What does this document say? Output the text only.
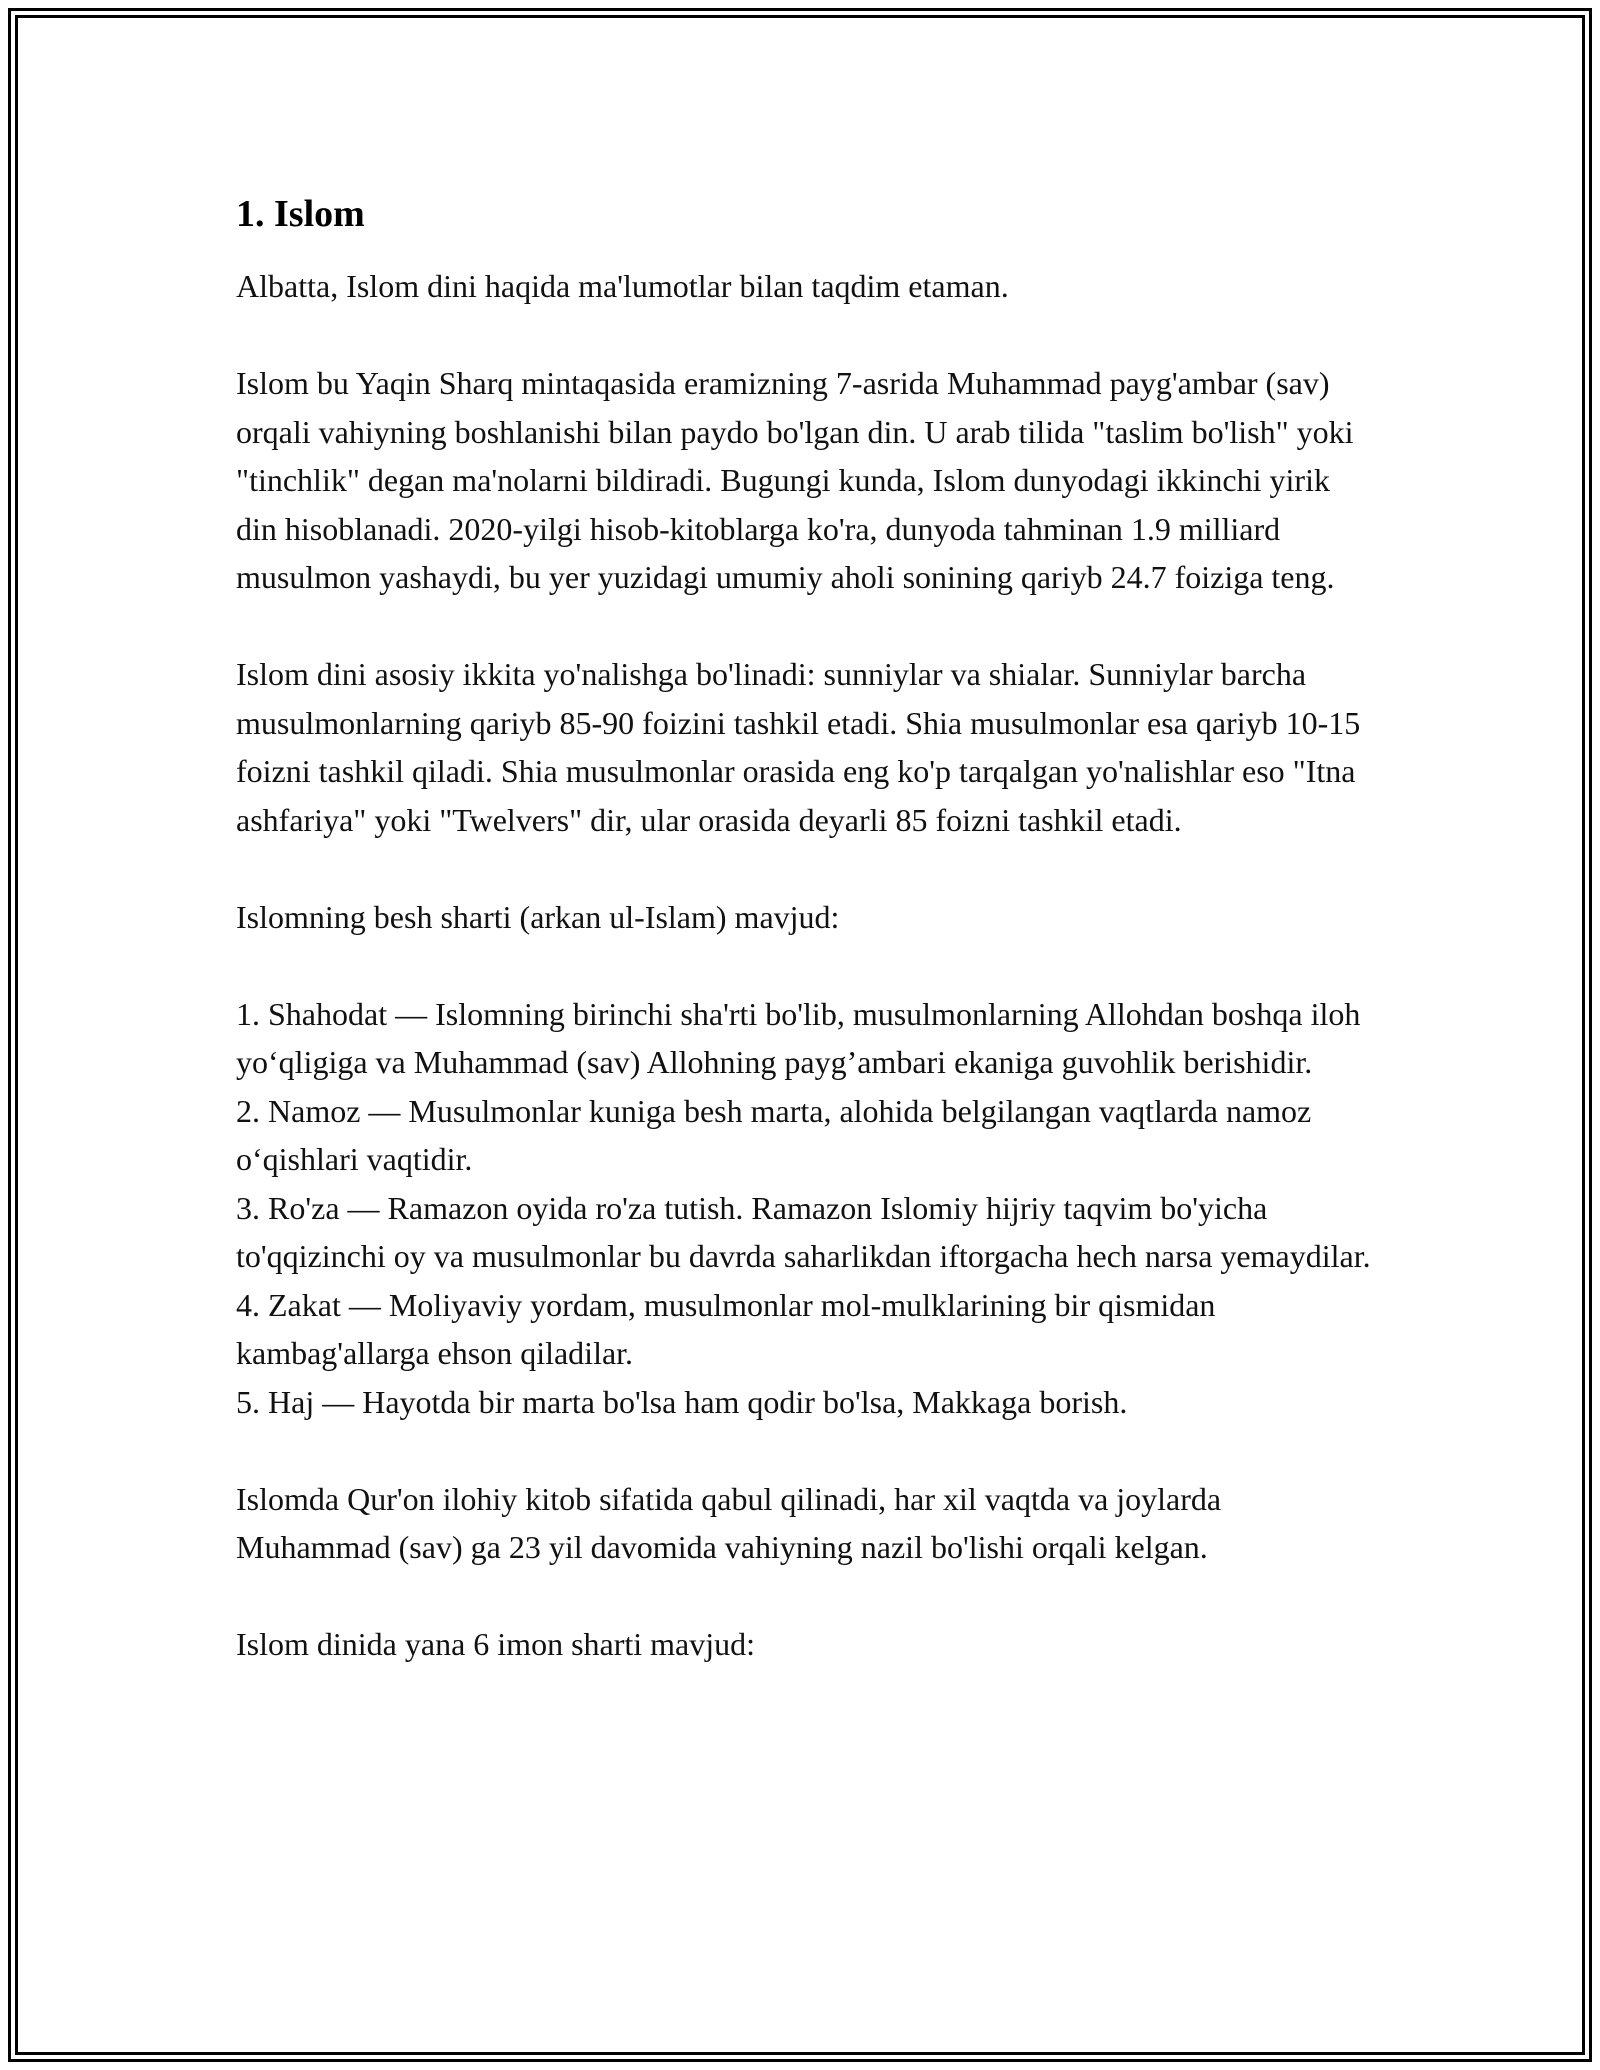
1. Islom

Albatta, Islom dini haqida ma'lumotlar bilan taqdim etaman.

Islom bu Yaqin Sharq mintaqasida eramizning 7-asrida Muhammad payg'ambar (sav) orqali vahiyning boshlanishi bilan paydo bo'lgan din. U arab tilida "taslim bo'lish" yoki "tinchlik" degan ma'nolarni bildiradi. Bugungi kunda, Islom dunyodagi ikkinchi yirik din hisoblanadi. 2020-yilgi hisob-kitoblarga ko'ra, dunyoda tahminan 1.9 milliard musulmon yashaydi, bu yer yuzidagi umumiy aholi sonining qariyb 24.7 foiziga teng.

Islom dini asosiy ikkita yo'nalishga bo'linadi: sunniylar va shialar. Sunniylar barcha musulmonlarning qariyb 85-90 foizini tashkil etadi. Shia musulmonlar esa qariyb 10-15 foizni tashkil qiladi. Shia musulmonlar orasida eng ko'p tarqalgan yo'nalishlar eso "Itna ashfariya" yoki "Twelvers" dir, ular orasida deyarli 85 foizni tashkil etadi.

Islomning besh sharti (arkan ul-Islam) mavjud:

1. Shahodat — Islomning birinchi sha'rti bo'lib, musulmonlarning Allohdan boshqa iloh yo‘qligiga va Muhammad (sav) Allohning payg’ambari ekaniga guvohlik berishidir.

2. Namoz — Musulmonlar kuniga besh marta, alohida belgilangan vaqtlarda namoz o‘qishlari vaqtidir.

3. Ro'za — Ramazon oyida ro'za tutish. Ramazon Islomiy hijriy taqvim bo'yicha to'qqizinchi oy va musulmonlar bu davrda saharlikdan iftorgacha hech narsa yemaydilar.

4. Zakat — Moliyaviy yordam, musulmonlar mol-mulklarining bir qismidan kambag'allarga ehson qiladilar.

5. Haj — Hayotda bir marta bo'lsa ham qodir bo'lsa, Makkaga borish.

Islomda Qur'on ilohiy kitob sifatida qabul qilinadi, har xil vaqtda va joylarda Muhammad (sav) ga 23 yil davomida vahiyning nazil bo'lishi orqali kelgan.

Islom dinida yana 6 imon sharti mavjud:
